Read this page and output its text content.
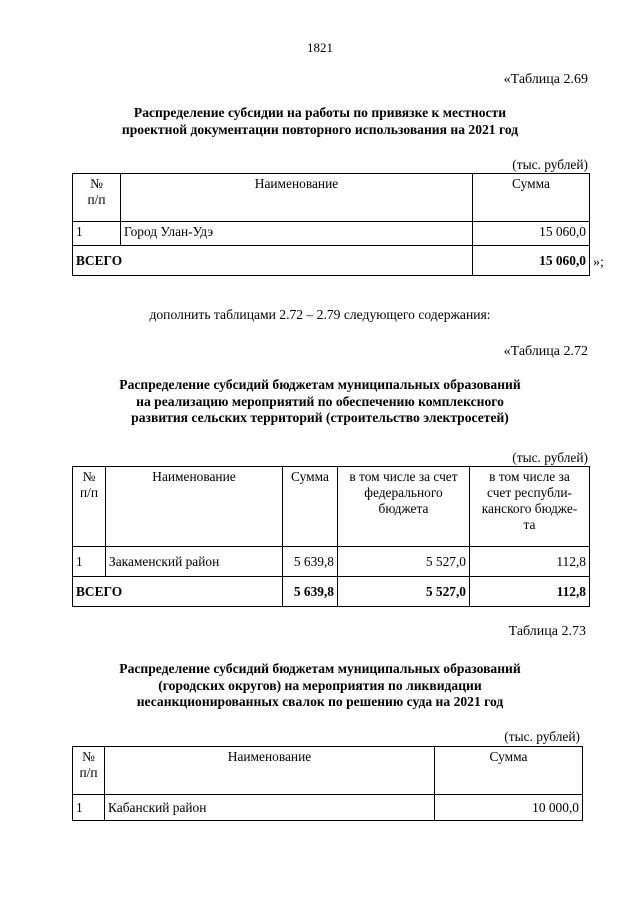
1821
«Таблица 2.69
Распределение субсидии на работы по привязке к местности
проектной документации повторного использования на 2021 год
(тыс. рублей)
№
п/п	Наименование	Сумма
1	Город Улан-Удэ	15 060,0
ВСЕГО		15 060,0 »;
дополнить таблицами 2.72 – 2.79 следующего содержания:
«Таблица 2.72
Распределение субсидий бюджетам муниципальных образований
на реализацию мероприятий по обеспечению комплексного
развития сельских территорий (строительство электросетей)
(тыс. рублей)
№
п/п	Наименование	Сумма	в том числе за счет
федерального
бюджета	в том числе за
счет республи-
канского бюдже-
та
1	Закаменский район	5 639,8	5 527,0	112,8
ВСЕГО		5 639,8	5 527,0	112,8
Таблица 2.73
Распределение субсидий бюджетам муниципальных образований
(городских округов) на мероприятия по ликвидации
несанкционированных свалок по решению суда на 2021 год
(тыс. рублей)
№
п/п	Наименование	Сумма
1	Кабанский район	10 000,0
